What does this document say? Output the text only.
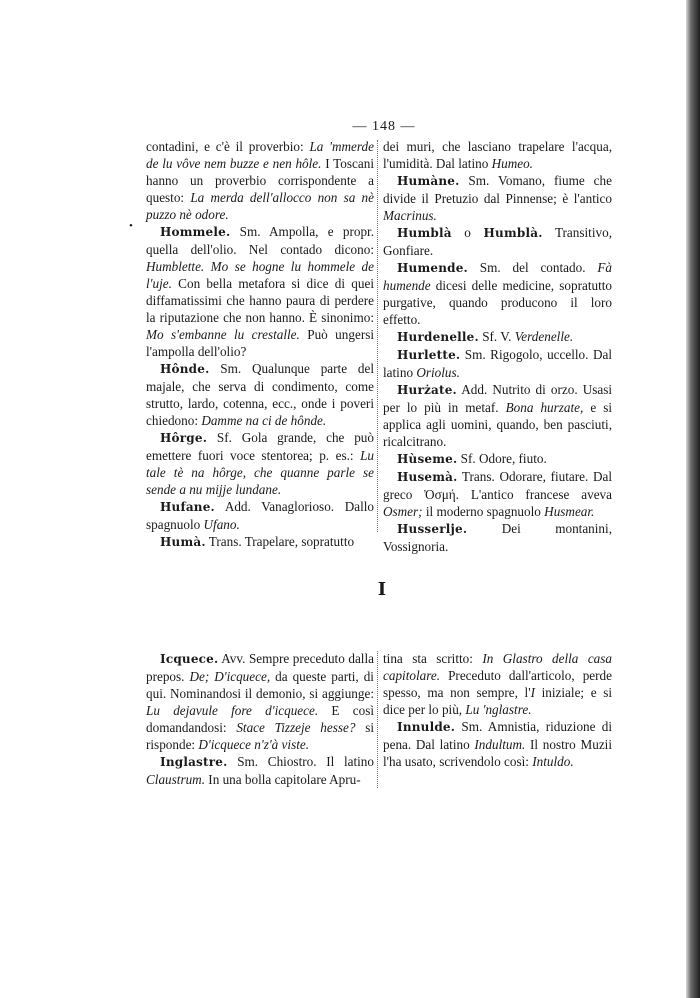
— 148 —
•

contadini, e c'è il proverbio: La 'mmerde de lu vôve nem buzze e nen hôle. I Toscani hanno un proverbio corrispondente a questo: La merda dell'allocco non sa nè puzzo nè odore.

Hommele. Sm. Ampolla, e propr. quella dell'olio. Nel contado dicono: Humblette. Mo se hogne lu hommele de l'uje. Con bella metafora si dice di quei diffamatissimi che hanno paura di perdere la riputazione che non hanno. È sinonimo: Mo s'embanne lu crestalle. Può ungersi l'ampolla dell'olio?

Hônde. Sm. Qualunque parte del majale, che serva di condimento, come strutto, lardo, cotenna, ecc., onde i poveri chiedono: Damme na ci de hônde.

Hôrge. Sf. Gola grande, che può emettere fuori voce stentorea; p. es.: Lu tale tè na hôrge, che quanne parle se sende a nu mijje lundane.

Hufane. Add. Vanaglorioso. Dallo spagnuolo Ufano.

Humà. Trans. Trapelare, sopratutto

dei muri, che lasciano trapelare l'acqua, l'umidità. Dal latino Humeo.

Humàne. Sm. Vomano, fiume che divide il Pretuzio dal Pinnense; è l'antico Macrinus.

Humblà o Humblà. Transitivo, Gonfiare.

Humende. Sm. del contado. Fà humende dicesi delle medicine, sopratutto purgative, quando producono il loro effetto.

Hurdenelle. Sf. V. Verdenelle.

Hurlette. Sm. Rigogolo, uccello. Dal latino Oriolus.

Hurżate. Add. Nutrito di orzo. Usasi per lo più in metaf. Bona hurzate, e si applica agli uomini, quando, ben pasciuti, ricalcitrano.

Hùseme. Sf. Odore, fiuto.

Husemà. Trans. Odorare, fiutare. Dal greco Ὀσμή. L'antico francese aveva Osmer; il moderno spagnuolo Husmear.

Husserlje. Dei montanini, Vossignoria.

I

Icquece. Avv. Sempre preceduto dalla prepos. De; D'icquece, da queste parti, di qui. Nominandosi il demonio, si aggiunge: Lu dejavule fore d'icquece. E così domandandosi: Stace Tizzeje hesse? si risponde: D'icquece n'z'à viste.

Inglastre. Sm. Chiostro. Il latino Claustrum. In una bolla capitolare Apru-

tina sta scritto: In Glastro della casa capitolare. Preceduto dall'articolo, perde spesso, ma non sempre, l'I iniziale; e si dice per lo più, Lu 'nglastre.

Innulde. Sm. Amnistia, riduzione di pena. Dal latino Indultum. Il nostro Muzii l'ha usato, scrivendolo così: Intuldo.
